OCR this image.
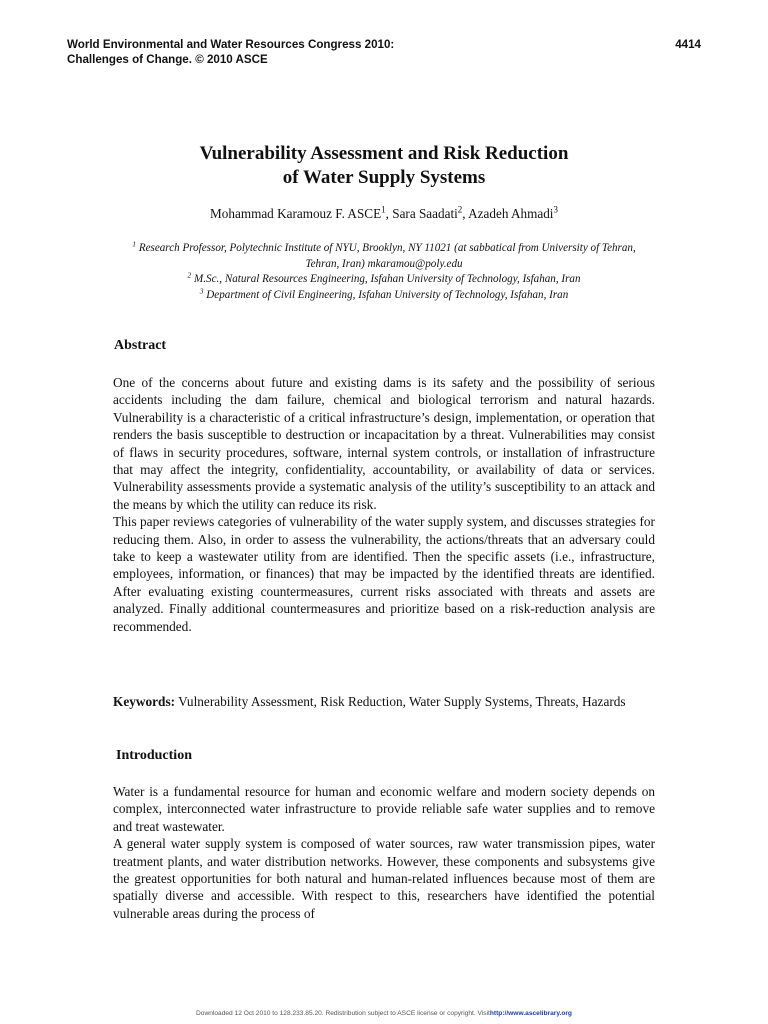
World Environmental and Water Resources Congress 2010:
Challenges of Change. © 2010 ASCE
4414
Vulnerability Assessment and Risk Reduction
of Water Supply Systems
Mohammad Karamouz F. ASCE$^1$, Sara Saadati$^2$, Azadeh Ahmadi$^3$
$^1$ Research Professor, Polytechnic Institute of NYU, Brooklyn, NY 11021 (at sabbatical from University of Tehran, Tehran, Iran) mkaramou@poly.edu
$^2$ M.Sc., Natural Resources Engineering, Isfahan University of Technology, Isfahan, Iran
$^3$ Department of Civil Engineering, Isfahan University of Technology, Isfahan, Iran
Abstract

One of the concerns about future and existing dams is its safety and the possibility of serious accidents including the dam failure, chemical and biological terrorism and natural hazards. Vulnerability is a characteristic of a critical infrastructure’s design, implementation, or operation that renders the basis susceptible to destruction or incapacitation by a threat. Vulnerabilities may consist of flaws in security procedures, software, internal system controls, or installation of infrastructure that may affect the integrity, confidentiality, accountability, or availability of data or services. Vulnerability assessments provide a systematic analysis of the utility’s susceptibility to an attack and the means by which the utility can reduce its risk.

This paper reviews categories of vulnerability of the water supply system, and discusses strategies for reducing them. Also, in order to assess the vulnerability, the actions/threats that an adversary could take to keep a wastewater utility from are identified. Then the specific assets (i.e., infrastructure, employees, information, or finances) that may be impacted by the identified threats are identified. After evaluating existing countermeasures, current risks associated with threats and assets are analyzed. Finally additional countermeasures and prioritize based on a risk-reduction analysis are recommended.

Keywords: Vulnerability Assessment, Risk Reduction, Water Supply Systems, Threats, Hazards
Introduction

Water is a fundamental resource for human and economic welfare and modern society depends on complex, interconnected water infrastructure to provide reliable safe water supplies and to remove and treat wastewater.

A general water supply system is composed of water sources, raw water transmission pipes, water treatment plants, and water distribution networks. However, these components and subsystems give the greatest opportunities for both natural and human-related influences because most of them are spatially diverse and accessible. With respect to this, researchers have identified the potential vulnerable areas during the process of

Downloaded 12 Oct 2010 to 128.233.85.20. Redistribution subject to ASCE license or copyright. Visithttp://www.ascelibrary.org
